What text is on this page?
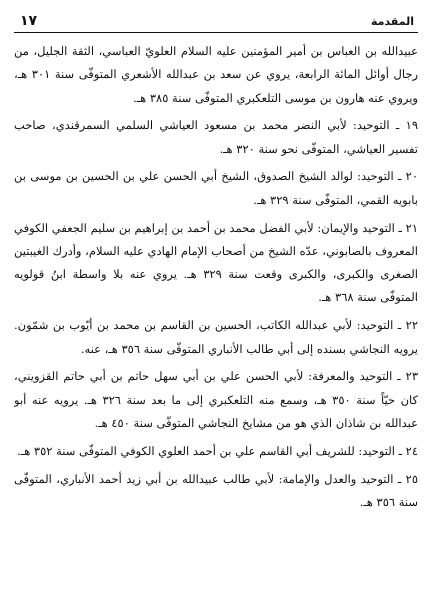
المقدمة
١٧

عبيدالله بن العباس بن أمير المؤمنين عليه السلام العلويّ العباسي، الثقة الجليل، من رجال أوائل المائة الرابعة، يروي عن سعد بن عبدالله الأشعري المتوفّى سنة ٣٠١ هـ، ويروي عنه هارون بن موسى التلعكبري المتوفّى سنة ٣٨٥ هـ.

١٩ ـ التوحيد: لأبي النضر محمد بن مسعود العياشي السلمي السمرقندي، صاحب تفسير العياشي، المتوفّى نحو سنة ٣٢٠ هـ.

٢٠ ـ التوحيد: لوالد الشيخ الصدوق، الشيخ أبي الحسن علي بن الحسين بن موسى بن بابويه القمي، المتوفّى سنة ٣٢٩ هـ.

٢١ ـ التوحيد والإيمان: لأبي الفضل محمد بن أحمد بن إبراهيم بن سليم الجعفي الكوفي المعروف بالصابوني، عدّه الشيخ من أصحاب الإمام الهادي عليه السلام، وأدرك الغيبتين الصغرى والكبرى، والكبرى وقعت سنة ٣٢٩ هـ. يروي عنه بلا واسطة ابنُ قولويه المتوفّى سنة ٣٦٨ هـ.

٢٢ ـ التوحيد: لأبي عبدالله الكاتب، الحسين بن القاسم بن محمد بن أيّوب بن شمّون. يرويه النجاشي بسنده إلى أبي طالب الأنباري المتوفّى سنة ٣٥٦ هـ، عنه.

٢٣ ـ التوحيد والمعرفة: لأبي الحسن علي بن أبي سهل حاتم بن أبي حاتم القزويني، كان حيّاً سنة ٣٥٠ هـ، وسمع منه التلعكبري إلى ما بعد سنة ٣٢٦ هـ. يرويه عنه أبو عبدالله بن شاذان الذي هو من مشايخ النجاشي المتوفّى سنة ٤٥٠ هـ.

٢٤ ـ التوحيد: للشريف أبي القاسم علي بن أحمد العلوي الكوفي المتوفّى سنة ٣٥٢ هـ.

٢٥ ـ التوحيد والعدل والإمامة: لأبي طالب عبيدالله بن أبي زيد أحمد الأنباري، المتوفّى سنة ٣٥٦ هـ.
